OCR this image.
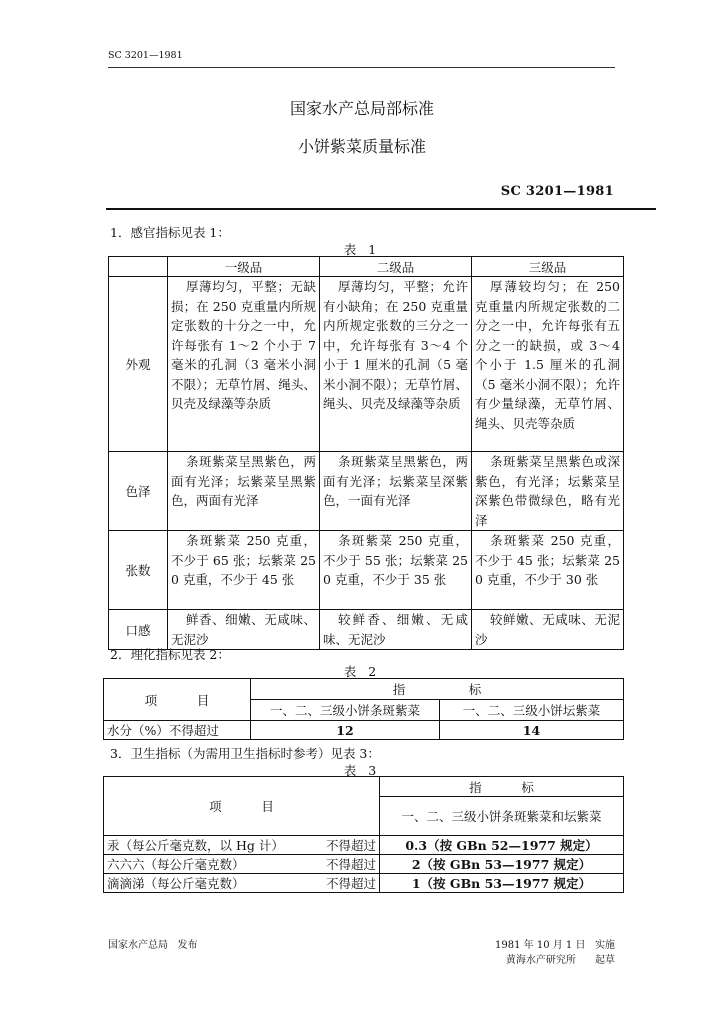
SC 3201—1981
国家水产总局部标准
小饼紫菜质量标准
SC 3201—1981
1．感官指标见表 1：
表 1
	一级品	二级品	三级品
外观	厚薄均匀，平整；无缺损；在 250 克重量内所规定张数的十分之一中，允许每张有 1～2 个小于 7 毫米的孔洞（3 毫米小洞不限）；无草竹屑、绳头、贝壳及绿藻等杂质	厚薄均匀，平整；允许有小缺角；在 250 克重量内所规定张数的三分之一中，允许每张有 3～4 个小于 1 厘米的孔洞（5 毫米小洞不限）；无草竹屑、绳头、贝壳及绿藻等杂质	厚薄较均匀；在 250 克重量内所规定张数的二分之一中，允许每张有五分之一的缺损，或 3～4 个小于 1.5 厘米的孔洞（5 毫米小洞不限）；允许有少量绿藻，无草竹屑、绳头、贝壳等杂质
色泽	条斑紫菜呈黑紫色，两面有光泽；坛紫菜呈黑紫色，两面有光泽	条斑紫菜呈黑紫色，两面有光泽；坛紫菜呈深紫色，一面有光泽	条斑紫菜呈黑紫色或深紫色，有光泽；坛紫菜呈深紫色带微绿色，略有光泽
张数	条斑紫菜 250 克重，不少于 65 张；坛紫菜 250 克重，不少于 45 张	条斑紫菜 250 克重，不少于 55 张；坛紫菜 250 克重，不少于 35 张	条斑紫菜 250 克重，不少于 45 张；坛紫菜 250 克重，不少于 30 张
口感	鲜香、细嫩、无咸味、无泥沙	较鲜香、细嫩、无咸味、无泥沙	较鲜嫩、无咸味、无泥沙
2．理化指标见表 2：
表 2
项          目	指                标	
	一、二、三级小饼条斑紫菜	一、二、三级小饼坛紫菜
水分（%）不得超过	12	14
3．卫生指标（为需用卫生指标时参考）见表 3：
表 3
项          目	指          标
	一、二、三级小饼条斑紫菜和坛紫菜

汞（每公斤毫克数，以 Hg 计） 不得超过	0.3（按 GBn 52—1977 规定）

六六六（每公斤毫克数） 不得超过	2（按 GBn 53—1977 规定）

滴滴涕（每公斤毫克数） 不得超过	1（按 GBn 53—1977 规定）
国家水产总局   发布	1981 年 10 月 1 日   实施
黄海水产研究所      起草
